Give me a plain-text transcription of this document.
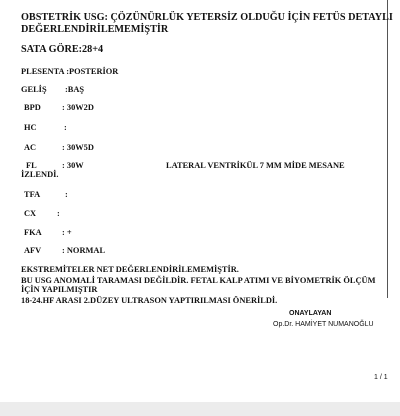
OBSTETRİK USG: ÇÖZÜNÜRLÜK YETERSİZ OLDUĞU İÇİN FETÜS DETAYLI

DEĞERLENDİRİLEMEMİŞTİR

SATA GÖRE:28+4

PLESENTA :POSTERİOR

GELİŞ :BAŞ

BPD	: 30W2D

HC	:

AC	: 30W5D

FL	: 30W	LATERAL VENTRİKÜL 7 MM MİDE MESANE

İZLENDİ.

TFA	:

CX :

FKA : +

AFV : NORMAL

EKSTREMİTELER NET DEĞERLENDİRİLEMEMİŞTİR.

BU USG ANOMALİ TARAMASI DEĞİLDİR. FETAL KALP ATIMI VE BİYOMETRİK ÖLÇÜM

İÇİN YAPILMIŞTIR

18-24.HF ARASI 2.DÜZEY ULTRASON YAPTIRILMASI ÖNERİLDİ.

ONAYLAYAN

Op.Dr. HAMİYET NUMANOĞLU

1 / 1
